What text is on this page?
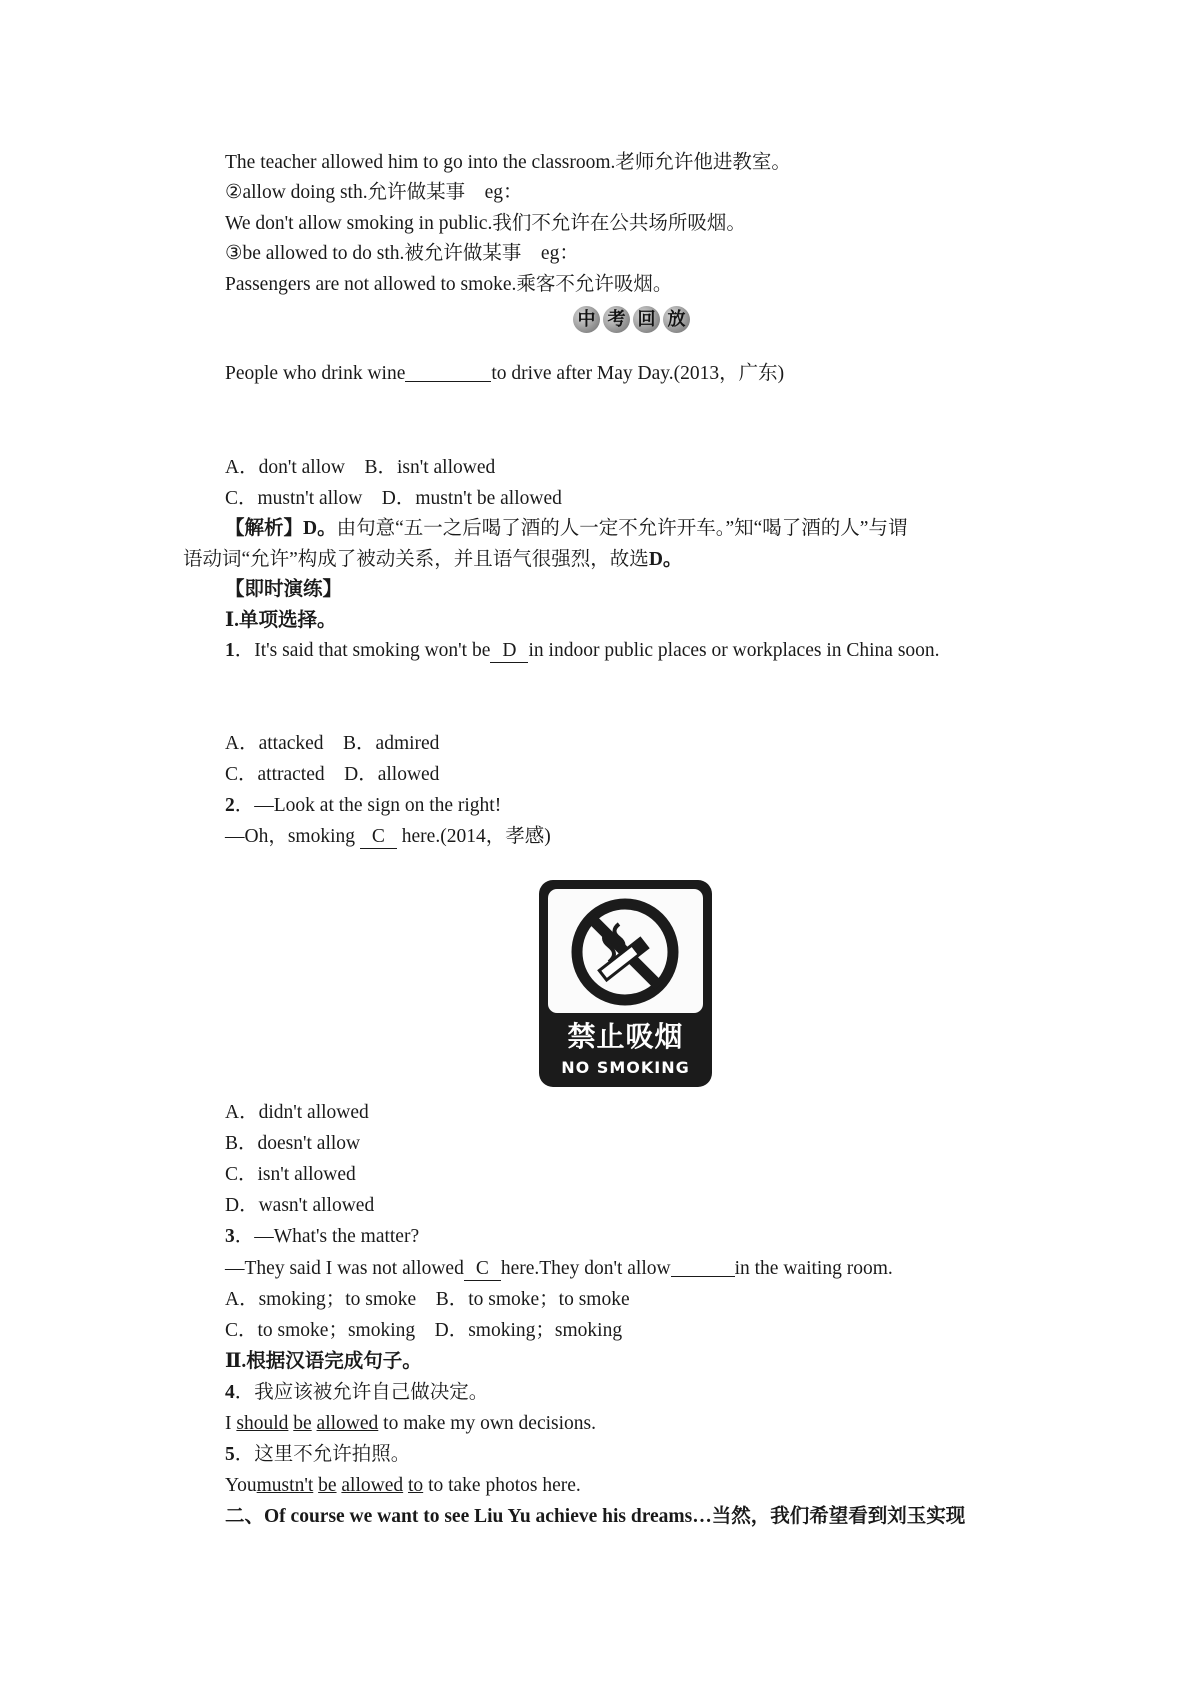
The teacher allowed him to go into the classroom.老师允许他进教室。

②allow doing sth.允许做某事　eg：

We don't allow smoking in public.我们不允许在公共场所吸烟。

③be allowed to do sth.被允许做某事　eg：

Passengers are not allowed to smoke.乘客不允许吸烟。

中 考 回 放

People who drink wine	to drive after May Day.(2013，广东)

A．don't allow　B．isn't allowed

C．mustn't allow　D．mustn't be allowed

【解析】D。由句意“五一之后喝了酒的人一定不允许开车。”知“喝了酒的人”与谓

语动词“允许”构成了被动关系，并且语气很强烈，故选D。

【即时演练】

Ⅰ.单项选择。

1．It's said that smoking won't be D in indoor public places or workplaces in China soon.

A．attacked　B．admired

C．attracted　D．allowed

2．—Look at the sign on the right!

—Oh，smoking C here.(2014，孝感)

禁止吸烟
NO SMOKING

A．didn't allowed

B．doesn't allow

C．isn't allowed

D．wasn't allowed

3．—What's the matter?

—They said I was not allowed C here.They don't allow	in the waiting room.

A．smoking；to smoke　B．to smoke；to smoke

C．to smoke；smoking　D．smoking；smoking

Ⅱ.根据汉语完成句子。

4．我应该被允许自己做决定。

I should be allowed to make my own decisions.

5．这里不允许拍照。

Youmustn't be allowed to to take photos here.

二、Of course we want to see Liu Yu achieve his dreams…当然，我们希望看到刘玉实现
